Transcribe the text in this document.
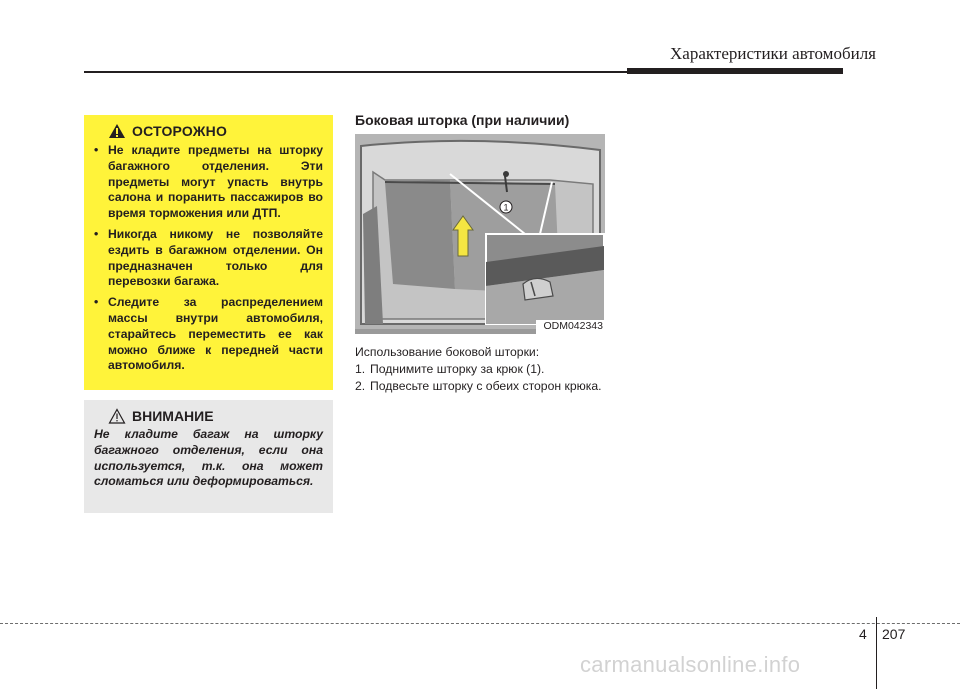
Характеристики автомобиля
ОСТОРОЖНО
• Не кладите предметы на шторку багажного отделения. Эти предметы могут упасть внутрь салона и поранить пассажиров во время торможения или ДТП.
• Никогда никому не позволяйте ездить в багажном отделении. Он предназначен только для перевозки багажа.
• Следите за распределением массы внутри автомобиля, старайтесь переместить ее как можно ближе к передней части автомобиля.
ВНИМАНИЕ
Не кладите багаж на шторку багажного отделения, если она используется, т.к. она может сломаться или деформироваться.
Боковая шторка (при наличии)
1
ODM042343

Использование боковой шторки:

1. Поднимите шторку за крюк (1).
2. Подвесьте шторку с обеих сторон крюка.
4 207
carmanualsonline.info
